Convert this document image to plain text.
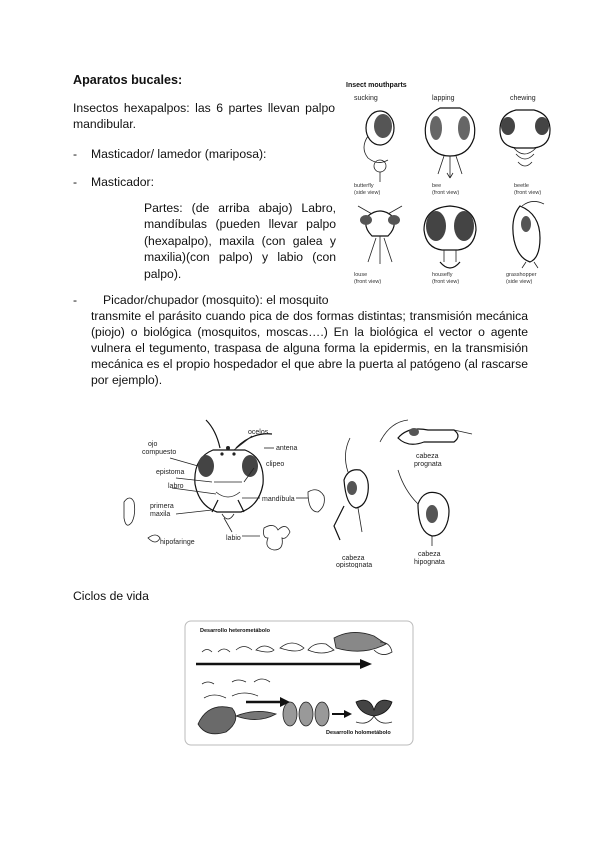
Aparatos bucales:
Insectos hexapalpos: las 6 partes llevan palpo mandibular.
- Masticador/ lamedor (mariposa):
- Masticador:
Partes: (de arriba abajo) Labro, mandíbulas (pueden llevar palpo (hexapalpo), maxila (con galea y maxilia)(con palpo) y labio (con palpo).
- Picador/chupador (mosquito): el mosquito
transmite el parásito cuando pica de dos formas distintas; transmisión mecánica (piojo) o biológica (mosquitos, moscas….) En la biológica el vector o agente vulnera el tegumento, traspasa de alguna forma la epidermis, en la transmisión mecánica es el propio hospedador el que abre la puerta al patógeno (al rascarse por ejemplo).
Insect mouthparts
sucking	lapping	chewing
butterfly
(side view)
bee
(front view)
beetle
(front view)
louse
(front view)
housefly
(front view)
grasshopper
(side view)
ocelos
antena
ojo
compuesto
epistoma
clipeo
labro
mandíbula
primera
maxila
hipofaringe
labio
cabeza
opistognata
cabeza
prognata
cabeza
hipognata
Ciclos de vida
Desarrollo heterometábolo
Desarrollo holometábolo
